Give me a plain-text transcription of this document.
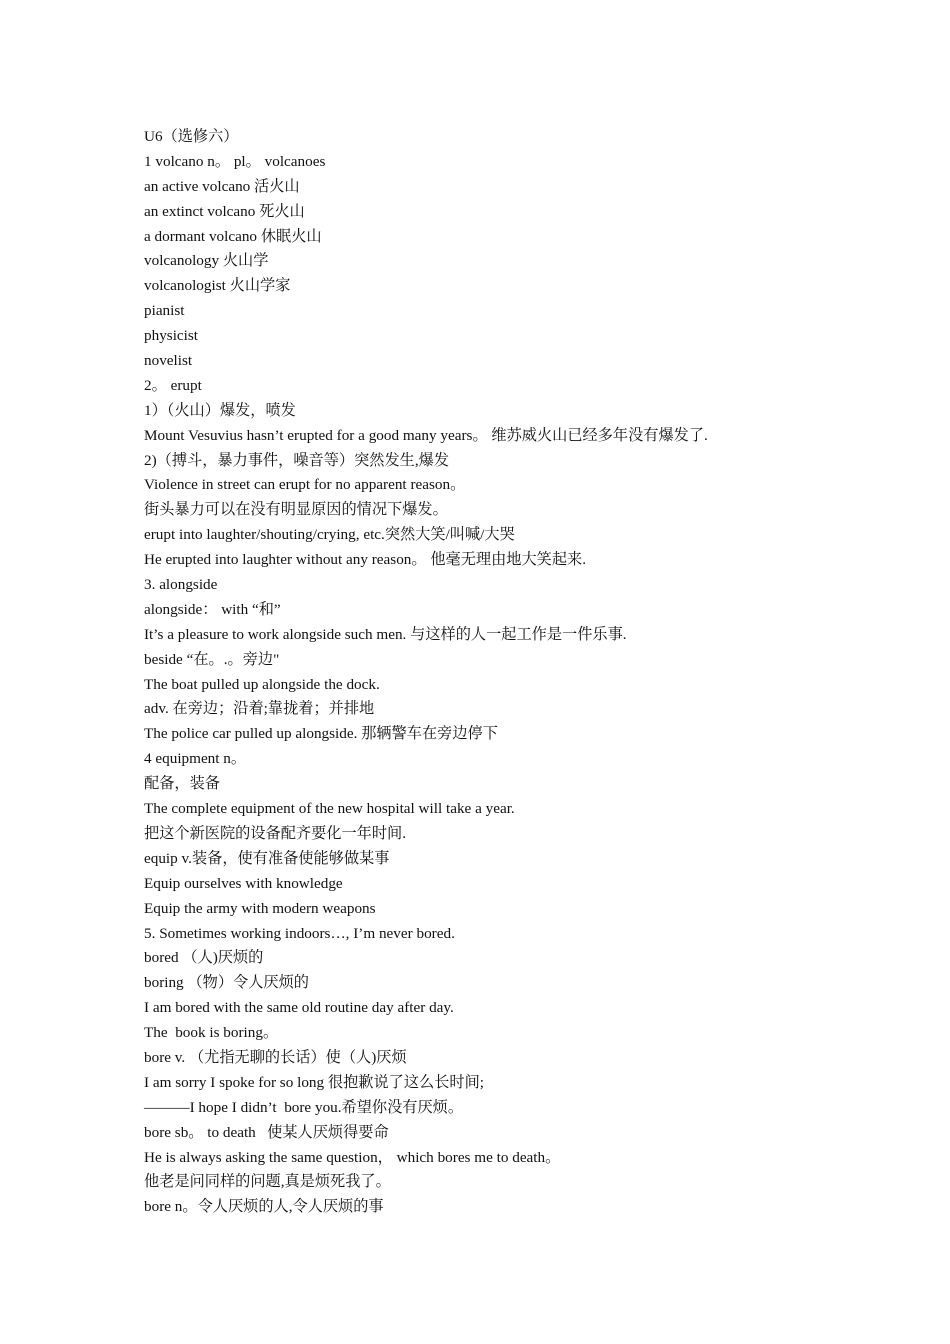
U6（选修六）
1 volcano n。 pl。 volcanoes
an active volcano 活火山
an extinct volcano 死火山
a dormant volcano 休眠火山
volcanology 火山学
volcanologist 火山学家
pianist
physicist
novelist
2。 erupt
1）（火山）爆发，喷发
Mount Vesuvius hasn’t erupted for a good many years。 维苏威火山已经多年没有爆发了.
2)（搏斗，暴力事件，噪音等）突然发生,爆发
Violence in street can erupt for no apparent reason。
街头暴力可以在没有明显原因的情况下爆发。
erupt into laughter/shouting/crying, etc.突然大笑/叫喊/大哭
He erupted into laughter without any reason。 他毫无理由地大笑起来.
3. alongside
alongside： with “和”
It’s a pleasure to work alongside such men. 与这样的人一起工作是一件乐事.
beside “在。.。旁边"
The boat pulled up alongside the dock.
adv. 在旁边；沿着;靠拢着；并排地
The police car pulled up alongside. 那辆警车在旁边停下
4 equipment n。
配备，装备
The complete equipment of the new hospital will take a year.
把这个新医院的设备配齐要化一年时间.
equip v.装备，使有准备使能够做某事
Equip ourselves with knowledge
Equip the army with modern weapons
5. Sometimes working indoors…, I’m never bored.
bored （人)厌烦的
boring （物）令人厌烦的
I am bored with the same old routine day after day.
The  book is boring。
bore v. （尤指无聊的长话）使（人)厌烦
I am sorry I spoke for so long 很抱歉说了这么长时间;
———I hope I didn’t  bore you.希望你没有厌烦。
bore sb。 to death   使某人厌烦得要命
He is always asking the same question， which bores me to death。
他老是问同样的问题,真是烦死我了。
bore n。令人厌烦的人,令人厌烦的事
